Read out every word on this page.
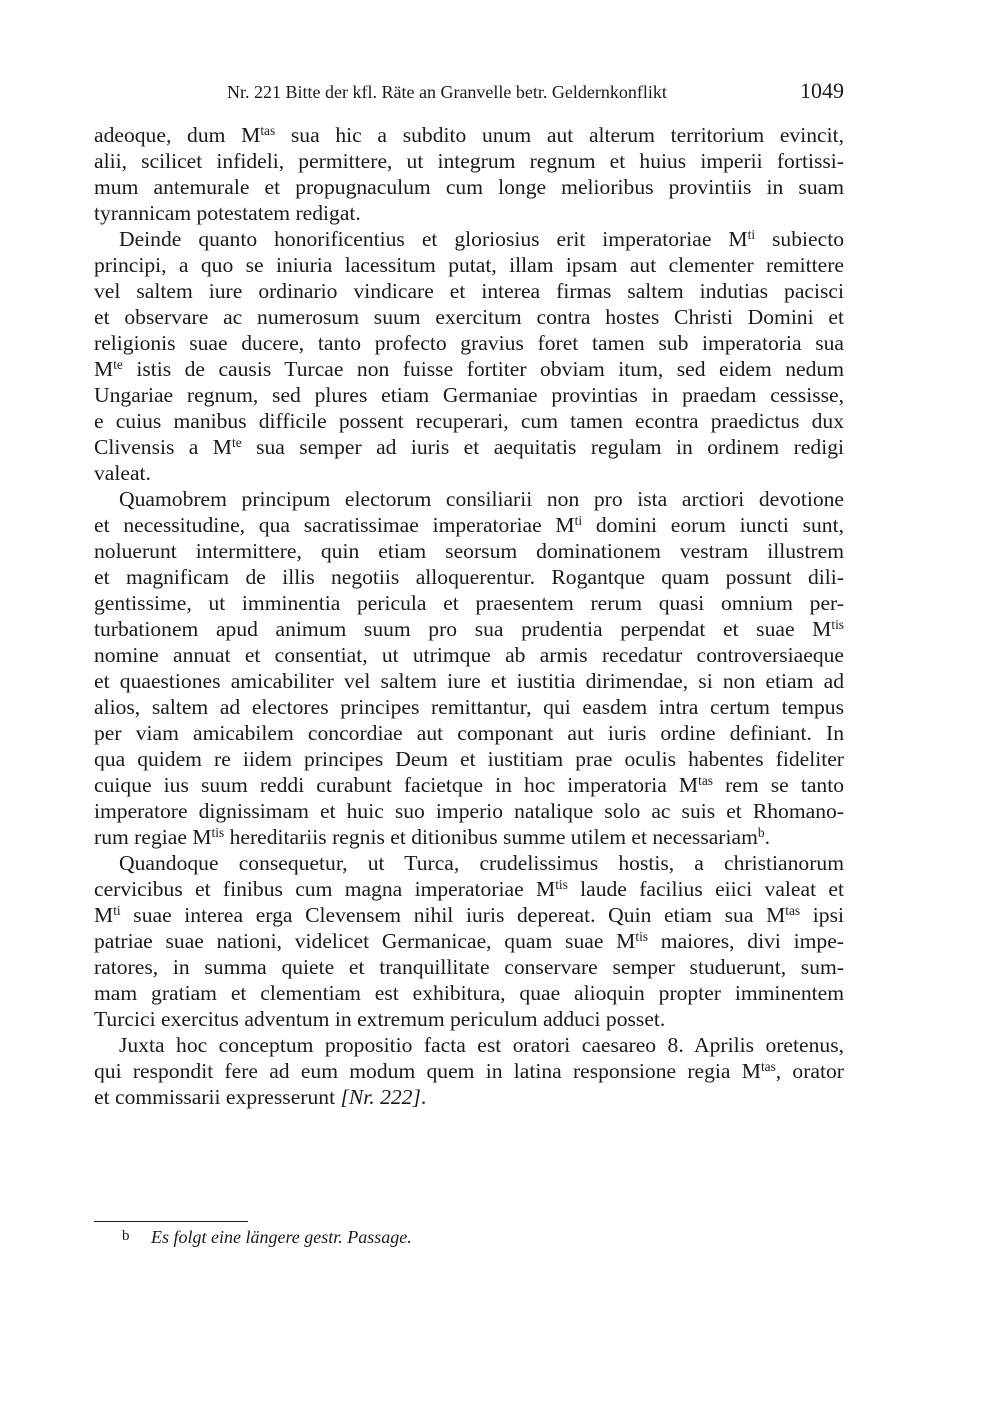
Nr. 221 Bitte der kfl. Räte an Granvelle betr. Geldernkonflikt	1049

adeoque, dum $M^{tas}$ sua hic a subdito unum aut alterum territorium evincit,
alii, scilicet infideli, permittere, ut integrum regnum et huius imperii fortissi-
mum antemurale et propugnaculum cum longe melioribus provintiis in suam
tyrannicam potestatem redigat.

Deinde quanto honorificentius et gloriosius erit imperatoriae $M^{ti}$ subiecto
principi, a quo se iniuria lacessitum putat, illam ipsam aut clementer remittere
vel saltem iure ordinario vindicare et interea firmas saltem indutias pacisci
et observare ac numerosum suum exercitum contra hostes Christi Domini et
religionis suae ducere, tanto profecto gravius foret tamen sub imperatoria sua
$M^{te}$ istis de causis Turcae non fuisse fortiter obviam itum, sed eidem nedum
Ungariae regnum, sed plures etiam Germaniae provintias in praedam cessisse,
e cuius manibus difficile possent recuperari, cum tamen econtra praedictus dux
Clivensis a $M^{te}$ sua semper ad iuris et aequitatis regulam in ordinem redigi
valeat.

Quamobrem principum electorum consiliarii non pro ista arctiori devotione
et necessitudine, qua sacratissimae imperatoriae $M^{ti}$ domini eorum iuncti sunt,
noluerunt intermittere, quin etiam seorsum dominationem vestram illustrem
et magnificam de illis negotiis alloquerentur. Rogantque quam possunt dili-
gentissime, ut imminentia pericula et praesentem rerum quasi omnium per-
turbationem apud animum suum pro sua prudentia perpendat et suae $M^{tis}$
nomine annuat et consentiat, ut utrimque ab armis recedatur controversiaeque
et quaestiones amicabiliter vel saltem iure et iustitia dirimendae, si non etiam ad
alios, saltem ad electores principes remittantur, qui easdem intra certum tempus
per viam amicabilem concordiae aut componant aut iuris ordine definiant. In
qua quidem re iidem principes Deum et iustitiam prae oculis habentes fideliter
cuique ius suum reddi curabunt facietque in hoc imperatoria $M^{tas}$ rem se tanto
imperatore dignissimam et huic suo imperio natalique solo ac suis et Rhomano-
rum regiae $M^{tis}$ hereditariis regnis et ditionibus summe utilem et necessariam$^b$.

Quandoque consequetur, ut Turca, crudelissimus hostis, a christianorum
cervicibus et finibus cum magna imperatoriae $M^{tis}$ laude facilius eiici valeat et
$M^{ti}$ suae interea erga Clevensem nihil iuris depereat. Quin etiam sua $M^{tas}$ ipsi
patriae suae nationi, videlicet Germanicae, quam suae $M^{tis}$ maiores, divi impe-
ratores, in summa quiete et tranquillitate conservare semper studuerunt, sum-
mam gratiam et clementiam est exhibitura, quae alioquin propter imminentem
Turcici exercitus adventum in extremum periculum adduci posset.

Juxta hoc conceptum propositio facta est oratori caesareo 8. Aprilis oretenus,
qui respondit fere ad eum modum quem in latina responsione regia $M^{tas}$, orator
et commissarii expresserunt [Nr. 222].

b Es folgt eine längere gestr. Passage.
